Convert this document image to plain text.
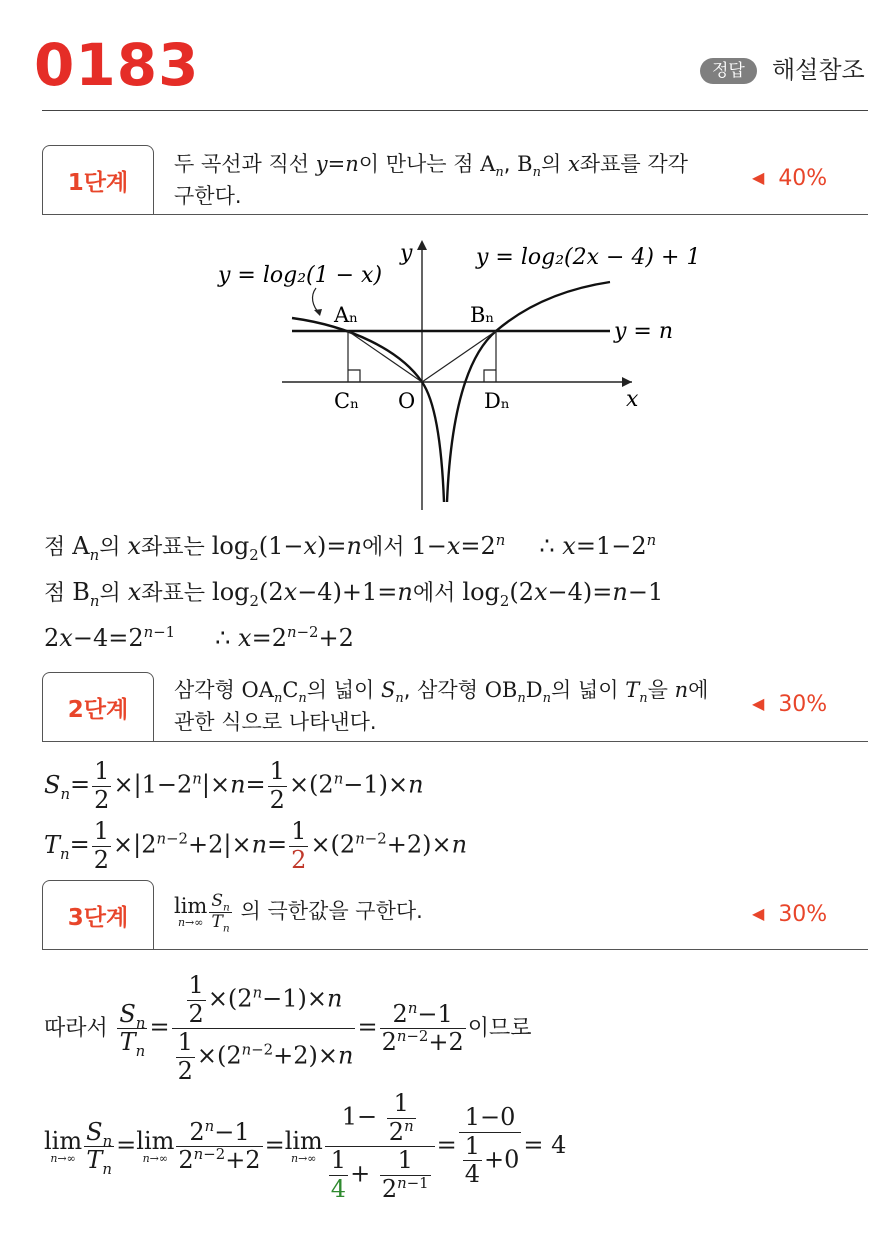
0183	정답	해설참조
1단계
두 곡선과 직선 y=n이 만나는 점 $A_n$, $B_n$의 x좌표를 각각
구한다.
◀ 40%
y = log₂(1 − x)
y = log₂(2x − 4) + 1
y = n
x
y
Aₙ	Bₙ
Cₙ	Dₙ
O
점 $A_n$의 x좌표는 $\log_2(1-x)=n$에서 $1-x=2^n$ ∴ $x=1-2^n$
점 $B_n$의 x좌표는 $\log_2(2x-4)+1=n$에서 $\log_2(2x-4)=n-1$
$2x-4=2^{n-1}$ ∴ $x=2^{n-2}+2$
2단계
삼각형 $OA_nC_n$의 넓이 $S_n$, 삼각형 $OB_nD_n$의 넓이 $T_n$을 n에
관한 식으로 나타낸다.
◀ 30%
$S_n= \frac{1}{2} \times|1-2^n|\times n= \frac{1}{2} \times(2^n-1)\times n$
$T_n= \frac{1}{2} \times|2^{n-2}+2|\times n= \frac{1}{2} \times(2^{n-2}+2)\times n$
3단계	lim
$n\to\infty \frac{S_n}{T_n}$ 의 극한값을 구한다.	◀ 30%
따라서 $\frac{S_n}{T_n} = \frac{\frac{1}{2} \times(2^n-1)\times n}{\frac{1}{2} \times(2^{n-2}+2)\times n} = \frac{2^n-1}{2^{n-2}+2}$ 이므로
lim
$n\to\infty \frac{S_n}{T_n} =\lim$
$n\to\infty \frac{2^n-1}{2^{n-2}+2} =\lim$
$n\to\infty \frac{1- \frac{1}{2^n}}{\frac{1}{4} + \frac{1}{2^{n-1}}} = \frac{1-0}{\frac{1}{4} +0} = 4$
